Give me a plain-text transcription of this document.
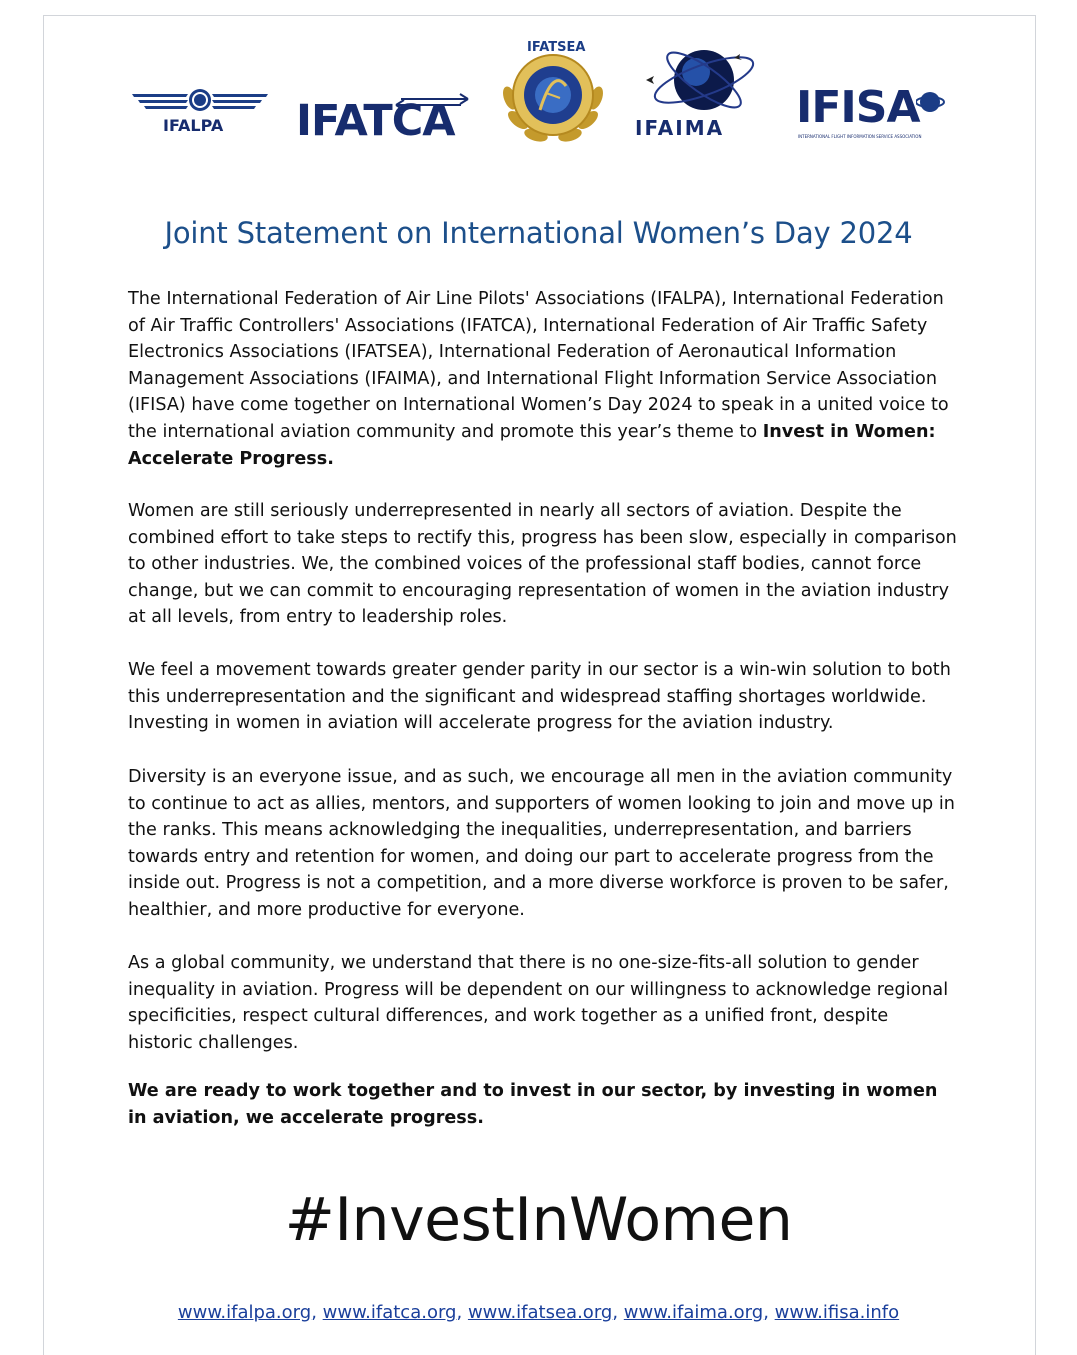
IFALPA IFATCA
IFATSEA
IFAIMA IFISA
INTERNATIONAL FLIGHT INFORMATION SERVICE ASSOCIATION
Joint Statement on International Women’s Day 2024

The International Federation of Air Line Pilots' Associations (IFALPA), International Federation of Air Traffic Controllers' Associations (IFATCA), International Federation of Air Traffic Safety Electronics Associations (IFATSEA), International Federation of Aeronautical Information Management Associations (IFAIMA), and International Flight Information Service Association (IFISA) have come together on International Women’s Day 2024 to speak in a united voice to the international aviation community and promote this year’s theme to Invest in Women: Accelerate Progress.

Women are still seriously underrepresented in nearly all sectors of aviation. Despite the combined effort to take steps to rectify this, progress has been slow, especially in comparison to other industries. We, the combined voices of the professional staff bodies, cannot force change, but we can commit to encouraging representation of women in the aviation industry at all levels, from entry to leadership roles.

We feel a movement towards greater gender parity in our sector is a win-win solution to both this underrepresentation and the significant and widespread staffing shortages worldwide. Investing in women in aviation will accelerate progress for the aviation industry.

Diversity is an everyone issue, and as such, we encourage all men in the aviation community to continue to act as allies, mentors, and supporters of women looking to join and move up in the ranks. This means acknowledging the inequalities, underrepresentation, and barriers towards entry and retention for women, and doing our part to accelerate progress from the inside out. Progress is not a competition, and a more diverse workforce is proven to be safer, healthier, and more productive for everyone.

As a global community, we understand that there is no one-size-fits-all solution to gender inequality in aviation. Progress will be dependent on our willingness to acknowledge regional specificities, respect cultural differences, and work together as a unified front, despite historic challenges.

We are ready to work together and to invest in our sector, by investing in women in aviation, we accelerate progress.

#InvestInWomen
www.ifalpa.org, www.ifatca.org, www.ifatsea.org, www.ifaima.org, www.ifisa.info
